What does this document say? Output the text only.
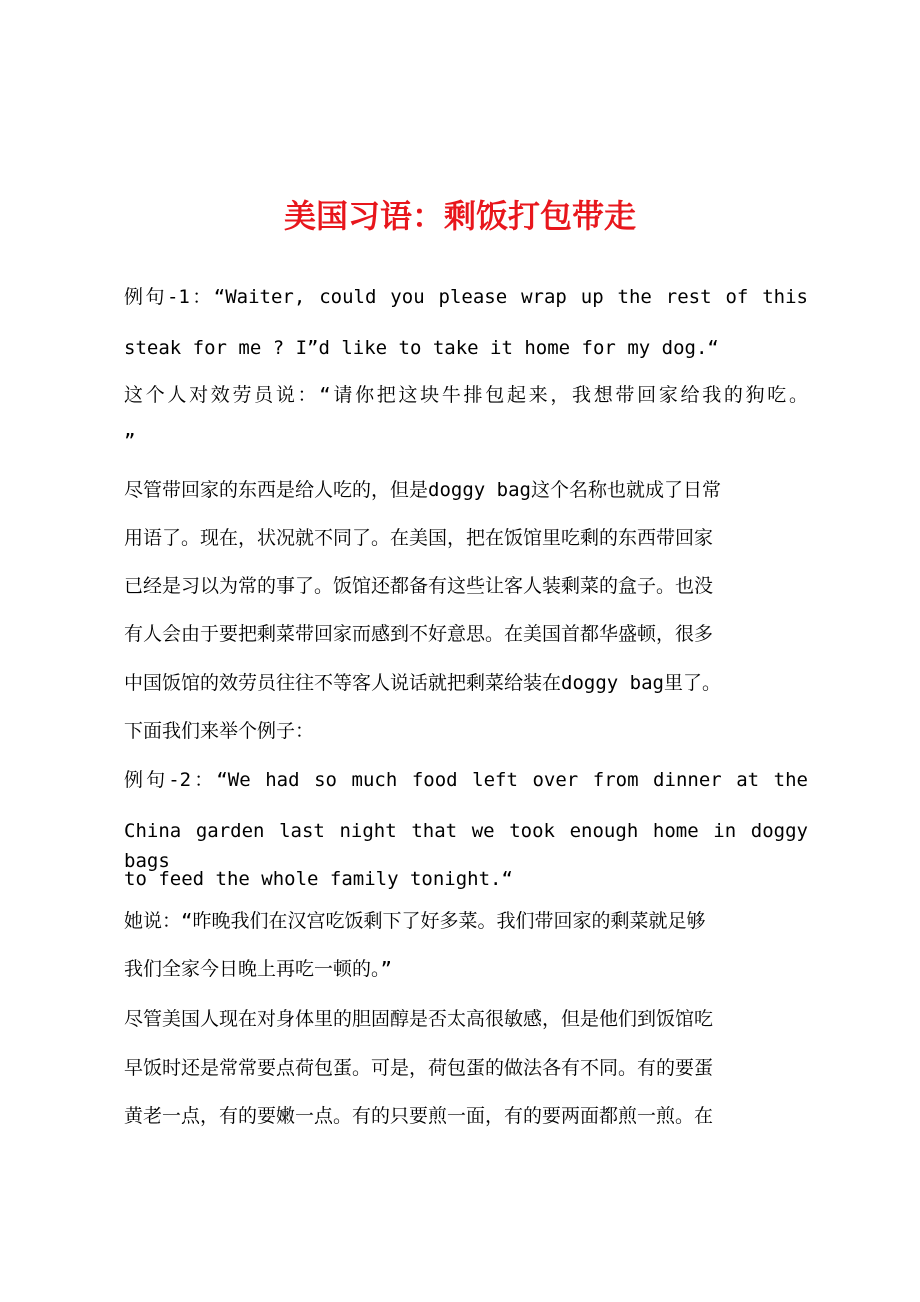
美国习语：剩饭打包带走

例句-1：“Waiter, could you please wrap up the rest of this

steak for me ? I”d like to take it home for my dog.“

这个人对效劳员说：“请你把这块牛排包起来，我想带回家给我的狗吃。

”

尽管带回家的东西是给人吃的，但是doggy bag这个名称也就成了日常

用语了。现在，状况就不同了。在美国，把在饭馆里吃剩的东西带回家

已经是习以为常的事了。饭馆还都备有这些让客人装剩菜的盒子。也没

有人会由于要把剩菜带回家而感到不好意思。在美国首都华盛顿，很多

中国饭馆的效劳员往往不等客人说话就把剩菜给装在doggy bag里了。

下面我们来举个例子：

例句-2：“We had so much food left over from dinner at the

China garden last night that we took enough home in doggy bags

to feed the whole family tonight.“

她说：“昨晚我们在汉宫吃饭剩下了好多菜。我们带回家的剩菜就足够

我们全家今日晚上再吃一顿的。”

尽管美国人现在对身体里的胆固醇是否太高很敏感，但是他们到饭馆吃

早饭时还是常常要点荷包蛋。可是，荷包蛋的做法各有不同。有的要蛋

黄老一点，有的要嫩一点。有的只要煎一面，有的要两面都煎一煎。在
